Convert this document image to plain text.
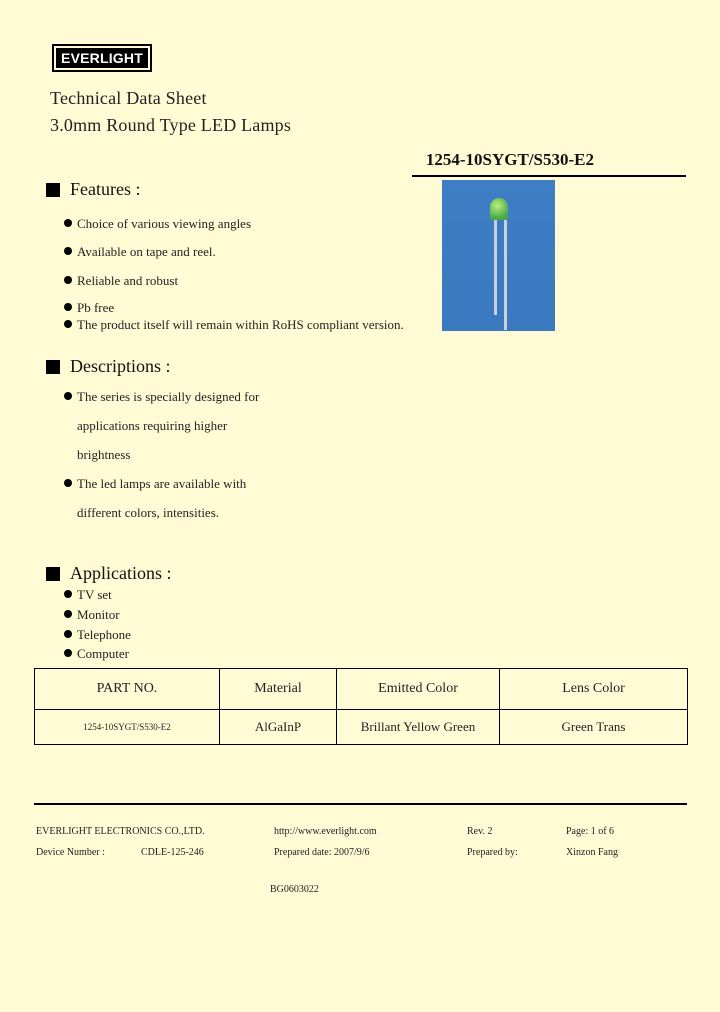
EVERLIGHT
Technical Data Sheet
3.0mm Round Type LED Lamps
1254-10SYGT/S530-E2
Features :
Choice of various viewing angles
Available on tape and reel.
Reliable and robust
Pb free
The product itself will remain within RoHS compliant version.
Descriptions :
The series is specially designed for
applications requiring higher
brightness
The led lamps are available with
different colors, intensities.
Applications :
TV set
Monitor
Telephone
Computer
PART NO.	Material	Emitted Color	Lens Color
1254-10SYGT/S530-E2	AlGaInP	Brillant Yellow Green	Green Trans
EVERLIGHT ELECTRONICS CO.,LTD.	http://www.everlight.com	Rev. 2	Page: 1 of 6
Device Number :	CDLE-125-246	Prepared date: 2007/9/6	Prepared by:	Xinzon Fang
BG0603022
